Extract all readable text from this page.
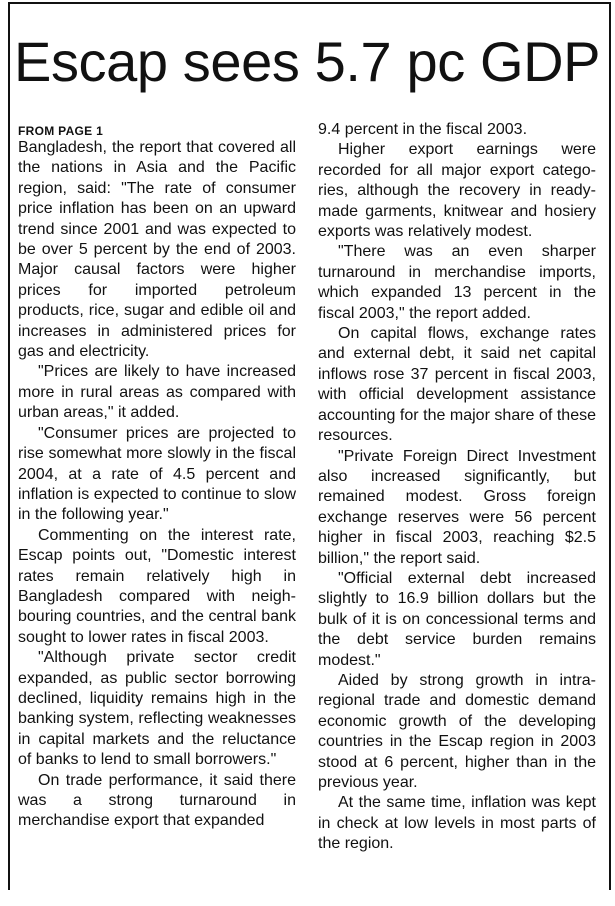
Escap sees 5.7 pc GDP
FROM PAGE 1

Bangladesh, the report that covered all the nations in Asia and the Pacific region, said: "The rate of consumer price inflation has been on an upward trend since 2001 and was expected to be over 5 percent by the end of 2003. Major causal factors were higher prices for imported petroleum products, rice, sugar and edible oil and increases in administered prices for gas and electricity.

"Prices are likely to have increased more in rural areas as compared with urban areas," it added.

"Consumer prices are projected to rise somewhat more slowly in the fiscal 2004, at a rate of 4.5 percent and inflation is expected to continue to slow in the following year."

Commenting on the interest rate, Escap points out, "Domestic interest rates remain relatively high in Bangladesh compared with neighbouring countries, and the central bank sought to lower rates in fiscal 2003.

"Although private sector credit expanded, as public sector borrowing declined, liquidity remains high in the banking system, reflecting weaknesses in capital markets and the reluctance of banks to lend to small borrowers."

On trade performance, it said there was a strong turnaround in merchandise export that expanded

9.4 percent in the fiscal 2003.

Higher export earnings were recorded for all major export categories, although the recovery in ready-made garments, knitwear and hosiery exports was relatively modest.

"There was an even sharper turnaround in merchandise imports, which expanded 13 percent in the fiscal 2003," the report added.

On capital flows, exchange rates and external debt, it said net capital inflows rose 37 percent in fiscal 2003, with official development assistance accounting for the major share of these resources.

"Private Foreign Direct Investment also increased significantly, but remained modest. Gross foreign exchange reserves were 56 percent higher in fiscal 2003, reaching $2.5 billion," the report said.

"Official external debt increased slightly to 16.9 billion dollars but the bulk of it is on concessional terms and the debt service burden remains modest."

Aided by strong growth in intra-regional trade and domestic demand economic growth of the developing countries in the Escap region in 2003 stood at 6 percent, higher than in the previous year.

At the same time, inflation was kept in check at low levels in most parts of the region.
